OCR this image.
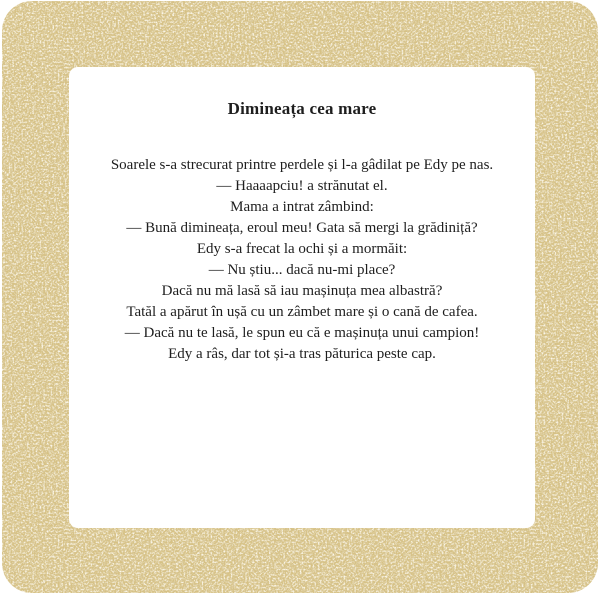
Dimineața cea mare
Soarele s-a strecurat printre perdele și l-a gâdilat pe Edy pe nas.
— Haaaapciu! a strănutat el.
Mama a intrat zâmbind:
— Bună dimineața, eroul meu! Gata să mergi la grădiniță?
Edy s-a frecat la ochi și a mormăit:
— Nu știu... dacă nu-mi place?
Dacă nu mă lasă să iau mașinuța mea albastră?
Tatăl a apărut în ușă cu un zâmbet mare și o cană de cafea.
— Dacă nu te lasă, le spun eu că e mașinuța unui campion!
Edy a râs, dar tot și-a tras păturica peste cap.
